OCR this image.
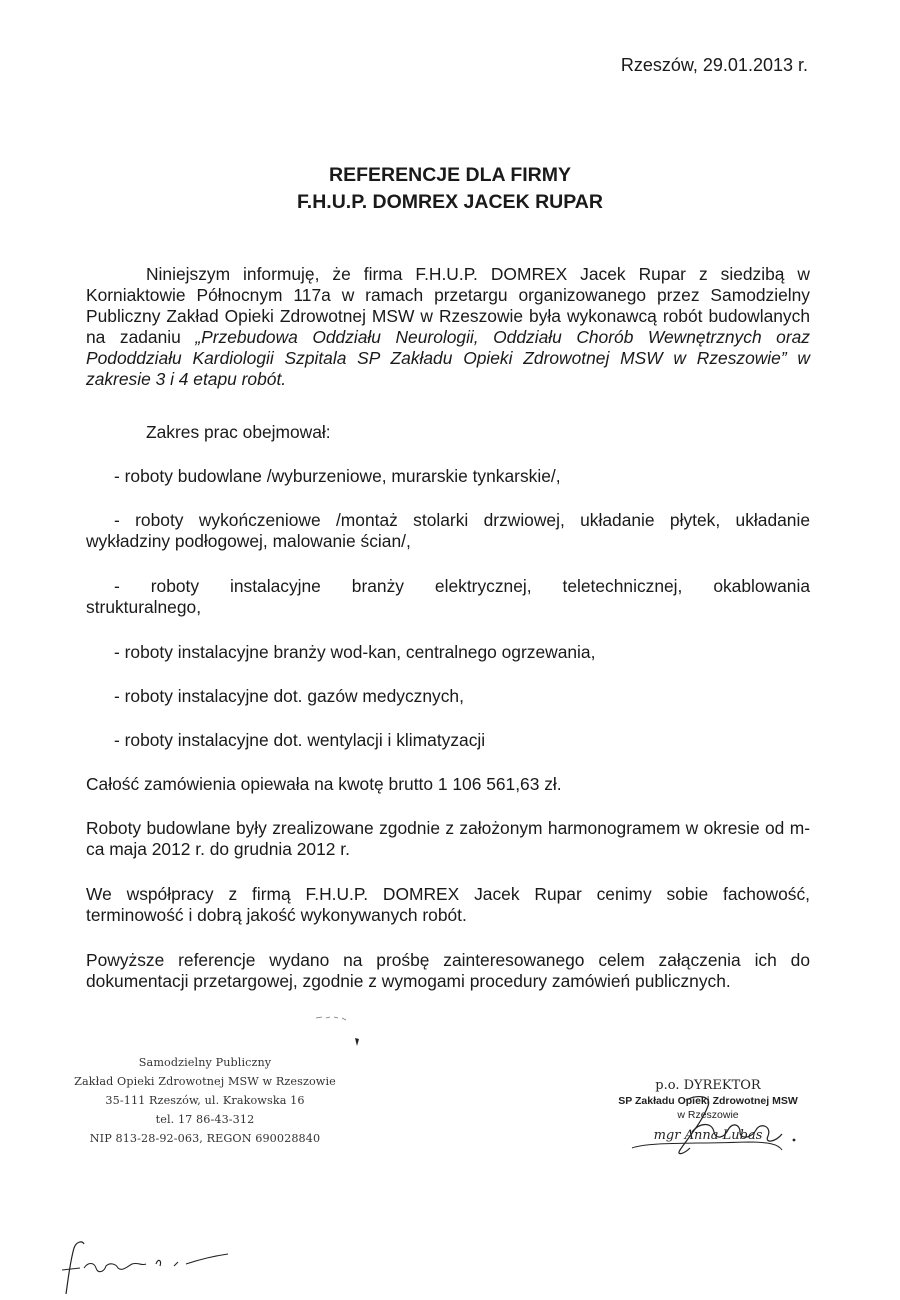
Rzeszów, 29.01.2013 r.
REFERENCJE DLA FIRMY
F.H.U.P. DOMREX JACEK RUPAR
Niniejszym informuję, że firma F.H.U.P. DOMREX Jacek Rupar z siedzibą w Korniaktowie Północnym 117a w ramach przetargu organizowanego przez Samodzielny Publiczny Zakład Opieki Zdrowotnej MSW w Rzeszowie była wykonawcą robót budowlanych na zadaniu „Przebudowa Oddziału Neurologii, Oddziału Chorób Wewnętrznych oraz Pododdziału Kardiologii Szpitala SP Zakładu Opieki Zdrowotnej MSW w Rzeszowie” w zakresie 3 i 4 etapu robót.
Zakres prac obejmował:
- roboty budowlane /wyburzeniowe, murarskie tynkarskie/,
- roboty wykończeniowe /montaż stolarki drzwiowej, układanie płytek, układanie wykładziny podłogowej, malowanie ścian/,
- roboty instalacyjne branży elektrycznej, teletechnicznej, okablowania strukturalnego,
- roboty instalacyjne branży wod-kan, centralnego ogrzewania,
- roboty instalacyjne dot. gazów medycznych,
- roboty instalacyjne dot. wentylacji i klimatyzacji
Całość zamówienia opiewała na kwotę brutto 1 106 561,63 zł.
Roboty budowlane były zrealizowane zgodnie z założonym harmonogramem w okresie od m-ca maja 2012 r. do grudnia 2012 r.
We współpracy z firmą F.H.U.P. DOMREX Jacek Rupar cenimy sobie fachowość, terminowość i dobrą jakość wykonywanych robót.
Powyższe referencje wydano na prośbę zainteresowanego celem załączenia ich do dokumentacji przetargowej, zgodnie z wymogami procedury zamówień publicznych.
Samodzielny Publiczny
Zakład Opieki Zdrowotnej MSW w Rzeszowie
35-111 Rzeszów, ul. Krakowska 16
tel. 17 86-43-312
NIP 813-28-92-063, REGON 690028840
p.o. DYREKTOR
SP Zakładu Opieki Zdrowotnej MSW
w Rzeszowie
mgr Anna Lubas
